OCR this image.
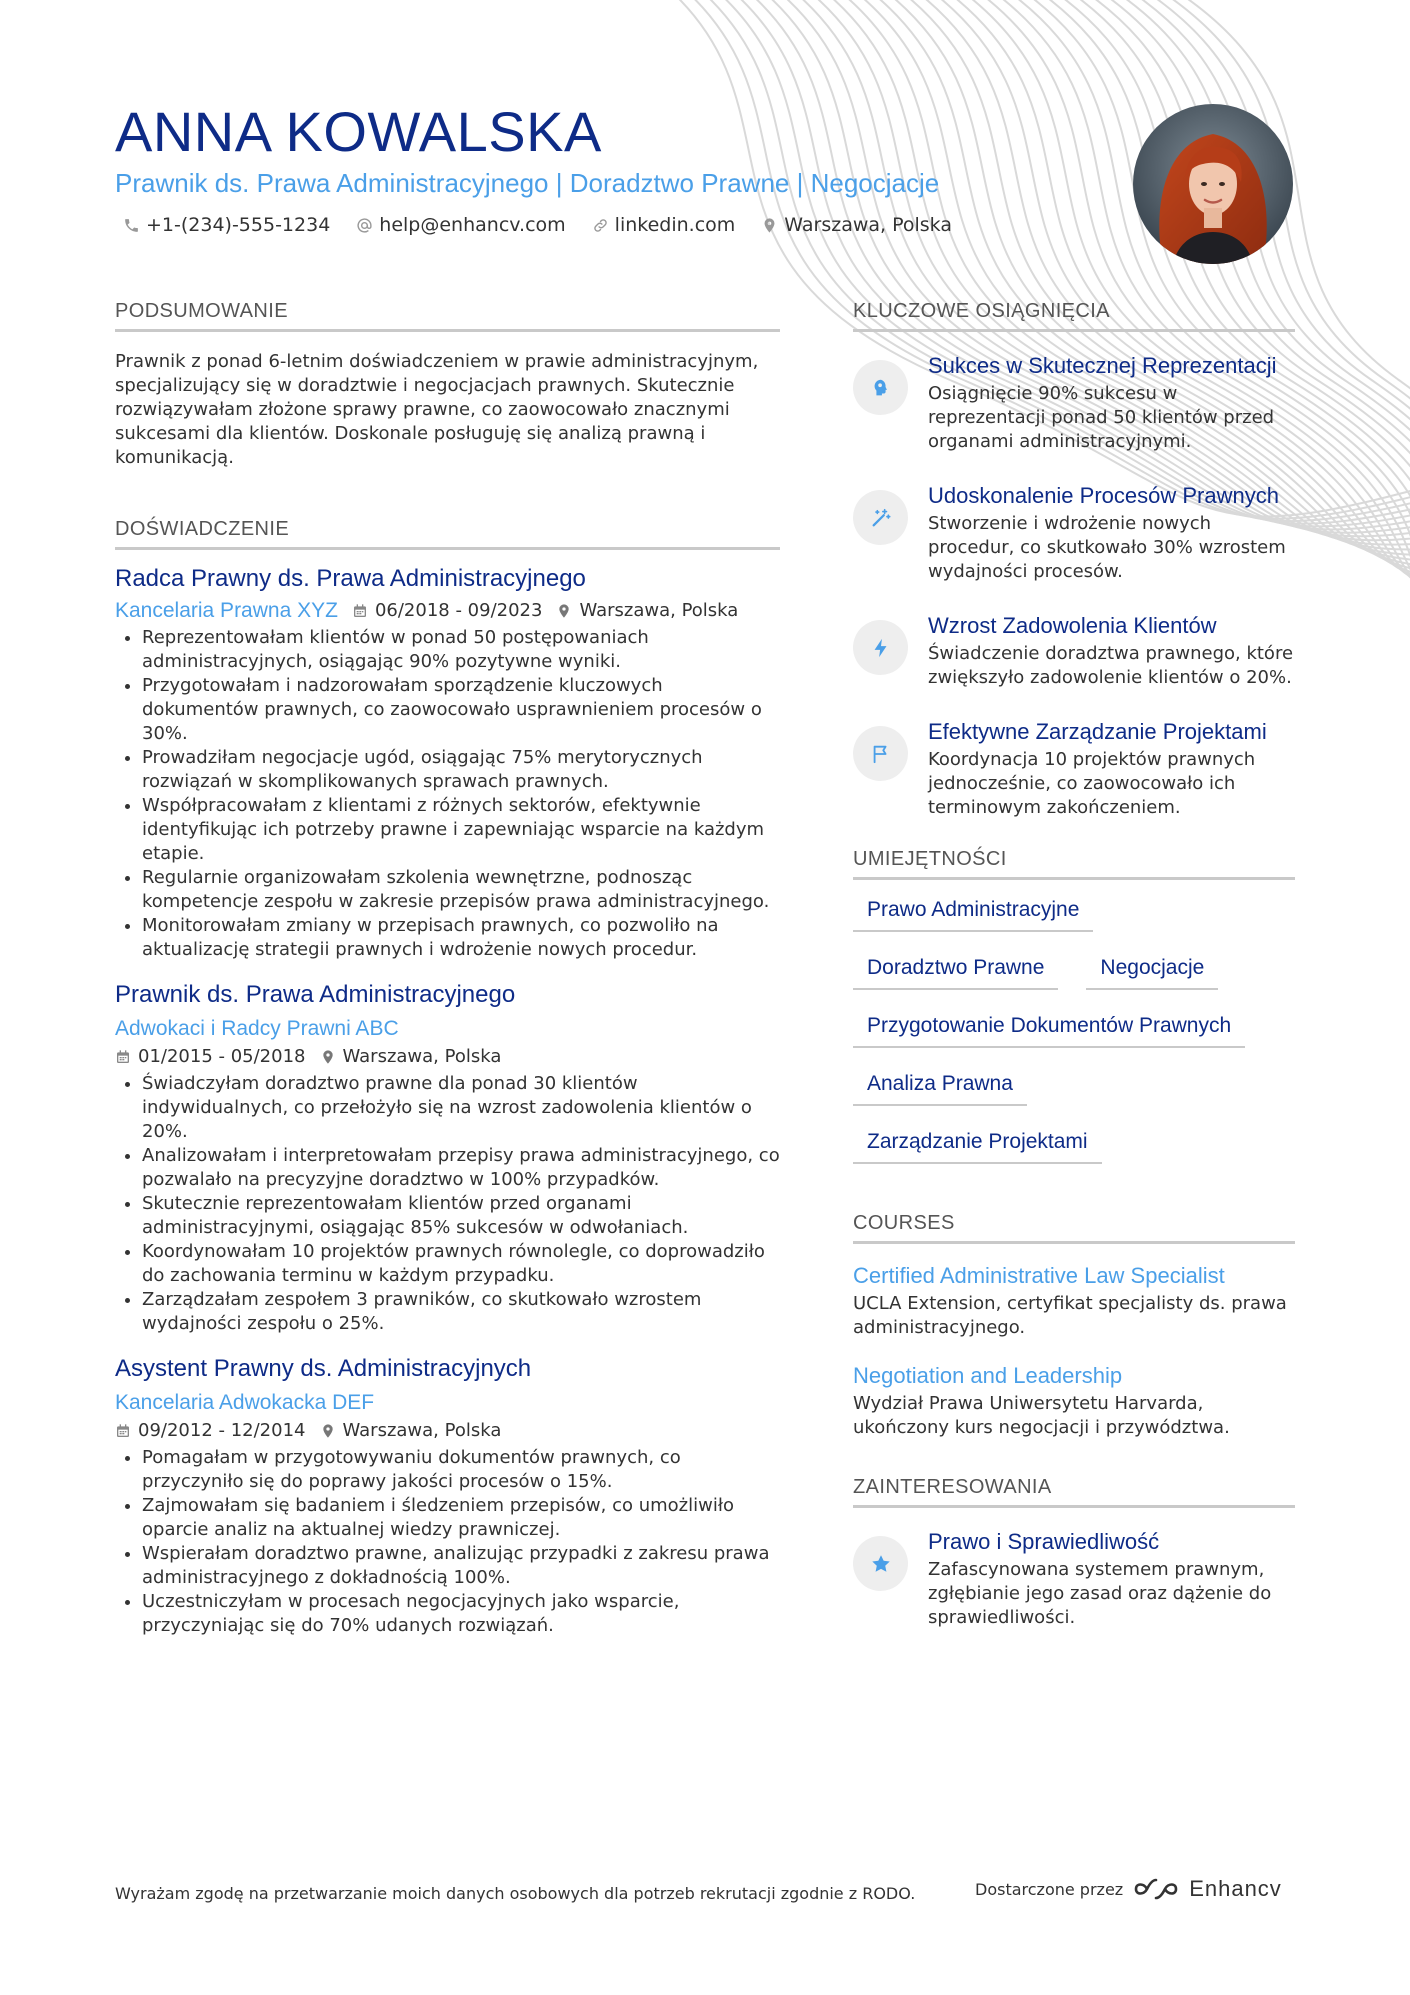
ANNA KOWALSKA
Prawnik ds. Prawa Administracyjnego | Doradztwo Prawne | Negocjacje
+1-(234)-555-1234	help@enhancv.com	linkedin.com	Warszawa, Polska
PODSUMOWANIE

Prawnik z ponad 6-letnim doświadczeniem w prawie administracyjnym, specjalizujący się w doradztwie i negocjacjach prawnych. Skutecznie rozwiązywałam złożone sprawy prawne, co zaowocowało znacznymi sukcesami dla klientów. Doskonale posługuję się analizą prawną i komunikacją.

DOŚWIADCZENIE
Radca Prawny ds. Prawa Administracyjnego
Kancelaria Prawna XYZ 06/2018 - 09/2023 Warszawa, Polska
• Reprezentowałam klientów w ponad 50 postępowaniach administracyjnych, osiągając 90% pozytywne wyniki.
• Przygotowałam i nadzorowałam sporządzenie kluczowych dokumentów prawnych, co zaowocowało usprawnieniem procesów o 30%.
• Prowadziłam negocjacje ugód, osiągając 75% merytorycznych rozwiązań w skomplikowanych sprawach prawnych.
• Współpracowałam z klientami z różnych sektorów, efektywnie identyfikując ich potrzeby prawne i zapewniając wsparcie na każdym etapie.
• Regularnie organizowałam szkolenia wewnętrzne, podnosząc kompetencje zespołu w zakresie przepisów prawa administracyjnego.
• Monitorowałam zmiany w przepisach prawnych, co pozwoliło na aktualizację strategii prawnych i wdrożenie nowych procedur.
Prawnik ds. Prawa Administracyjnego
Adwokaci i Radcy Prawni ABC
01/2015 - 05/2018 Warszawa, Polska
• Świadczyłam doradztwo prawne dla ponad 30 klientów indywidualnych, co przełożyło się na wzrost zadowolenia klientów o 20%.
• Analizowałam i interpretowałam przepisy prawa administracyjnego, co pozwalało na precyzyjne doradztwo w 100% przypadków.
• Skutecznie reprezentowałam klientów przed organami administracyjnymi, osiągając 85% sukcesów w odwołaniach.
• Koordynowałam 10 projektów prawnych równolegle, co doprowadziło do zachowania terminu w każdym przypadku.
• Zarządzałam zespołem 3 prawników, co skutkowało wzrostem wydajności zespołu o 25%.
Asystent Prawny ds. Administracyjnych
Kancelaria Adwokacka DEF
09/2012 - 12/2014 Warszawa, Polska
• Pomagałam w przygotowywaniu dokumentów prawnych, co przyczyniło się do poprawy jakości procesów o 15%.
• Zajmowałam się badaniem i śledzeniem przepisów, co umożliwiło oparcie analiz na aktualnej wiedzy prawniczej.
• Wspierałam doradztwo prawne, analizując przypadki z zakresu prawa administracyjnego z dokładnością 100%.
• Uczestniczyłam w procesach negocjacyjnych jako wsparcie, przyczyniając się do 70% udanych rozwiązań.
KLUCZOWE OSIĄGNIĘCIA
Sukces w Skutecznej Reprezentacji

Osiągnięcie 90% sukcesu w reprezentacji ponad 50 klientów przed organami administracyjnymi.

Udoskonalenie Procesów Prawnych

Stworzenie i wdrożenie nowych procedur, co skutkowało 30% wzrostem wydajności procesów.

Wzrost Zadowolenia Klientów

Świadczenie doradztwa prawnego, które zwiększyło zadowolenie klientów o 20%.

Efektywne Zarządzanie Projektami

Koordynacja 10 projektów prawnych jednocześnie, co zaowocowało ich terminowym zakończeniem.

UMIEJĘTNOŚCI
Prawo Administracyjne
Doradztwo Prawne	Negocjacje
Przygotowanie Dokumentów Prawnych
Analiza Prawna
Zarządzanie Projektami
COURSES
Certified Administrative Law Specialist

UCLA Extension, certyfikat specjalisty ds. prawa administracyjnego.

Negotiation and Leadership

Wydział Prawa Uniwersytetu Harvarda, ukończony kurs negocjacji i przywództwa.

ZAINTERESOWANIA
Prawo i Sprawiedliwość

Zafascynowana systemem prawnym, zgłębianie jego zasad oraz dążenie do sprawiedliwości.

Wyrażam zgodę na przetwarzanie moich danych osobowych dla potrzeb rekrutacji zgodnie z RODO.	Dostarczone przez	Enhancv
